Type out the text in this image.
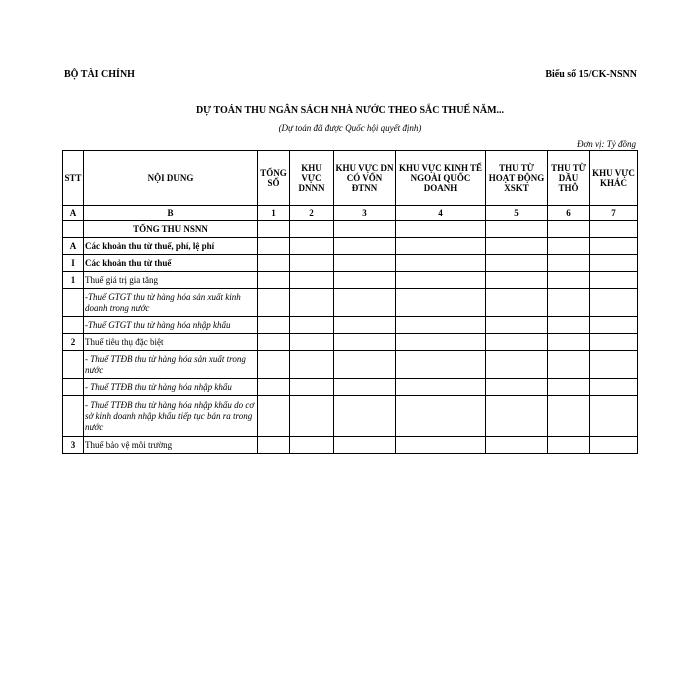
BỘ TÀI CHÍNH	Biểu số 15/CK-NSNN
DỰ TOÁN THU NGÂN SÁCH NHÀ NƯỚC THEO SẮC THUẾ NĂM...
(Dự toán đã được Quốc hội quyết định)
Đơn vị: Tỷ đồng
STT	NỘI DUNG	TỔNG SỐ	KHU VỰC DNNN	KHU VỰC DN CÓ VỐN ĐTNN	KHU VỰC KINH TẾ NGOÀI QUỐC DOANH	THU TỪ HOẠT ĐỘNG XSKT	THU TỪ DẦU THÔ	KHU VỰC KHÁC
A	B	1	2	3	4	5	6	7
	TỔNG THU NSNN							
A	Các khoản thu từ thuế, phí, lệ phí							
I	Các khoản thu từ thuế							
1	Thuế giá trị gia tăng							
	-Thuế GTGT thu từ hàng hóa sản xuất kinh doanh trong nước							
	-Thuế GTGT thu từ hàng hóa nhập khẩu							
2	Thuế tiêu thụ đặc biệt							
	- Thuế TTĐB thu từ hàng hóa sản xuất trong nước							
	- Thuế TTĐB thu từ hàng hóa nhập khẩu							
	- Thuế TTĐB thu từ hàng hóa nhập khẩu do cơ sở kinh doanh nhập khẩu tiếp tục bán ra trong nước							
3	Thuế bảo vệ môi trường							
